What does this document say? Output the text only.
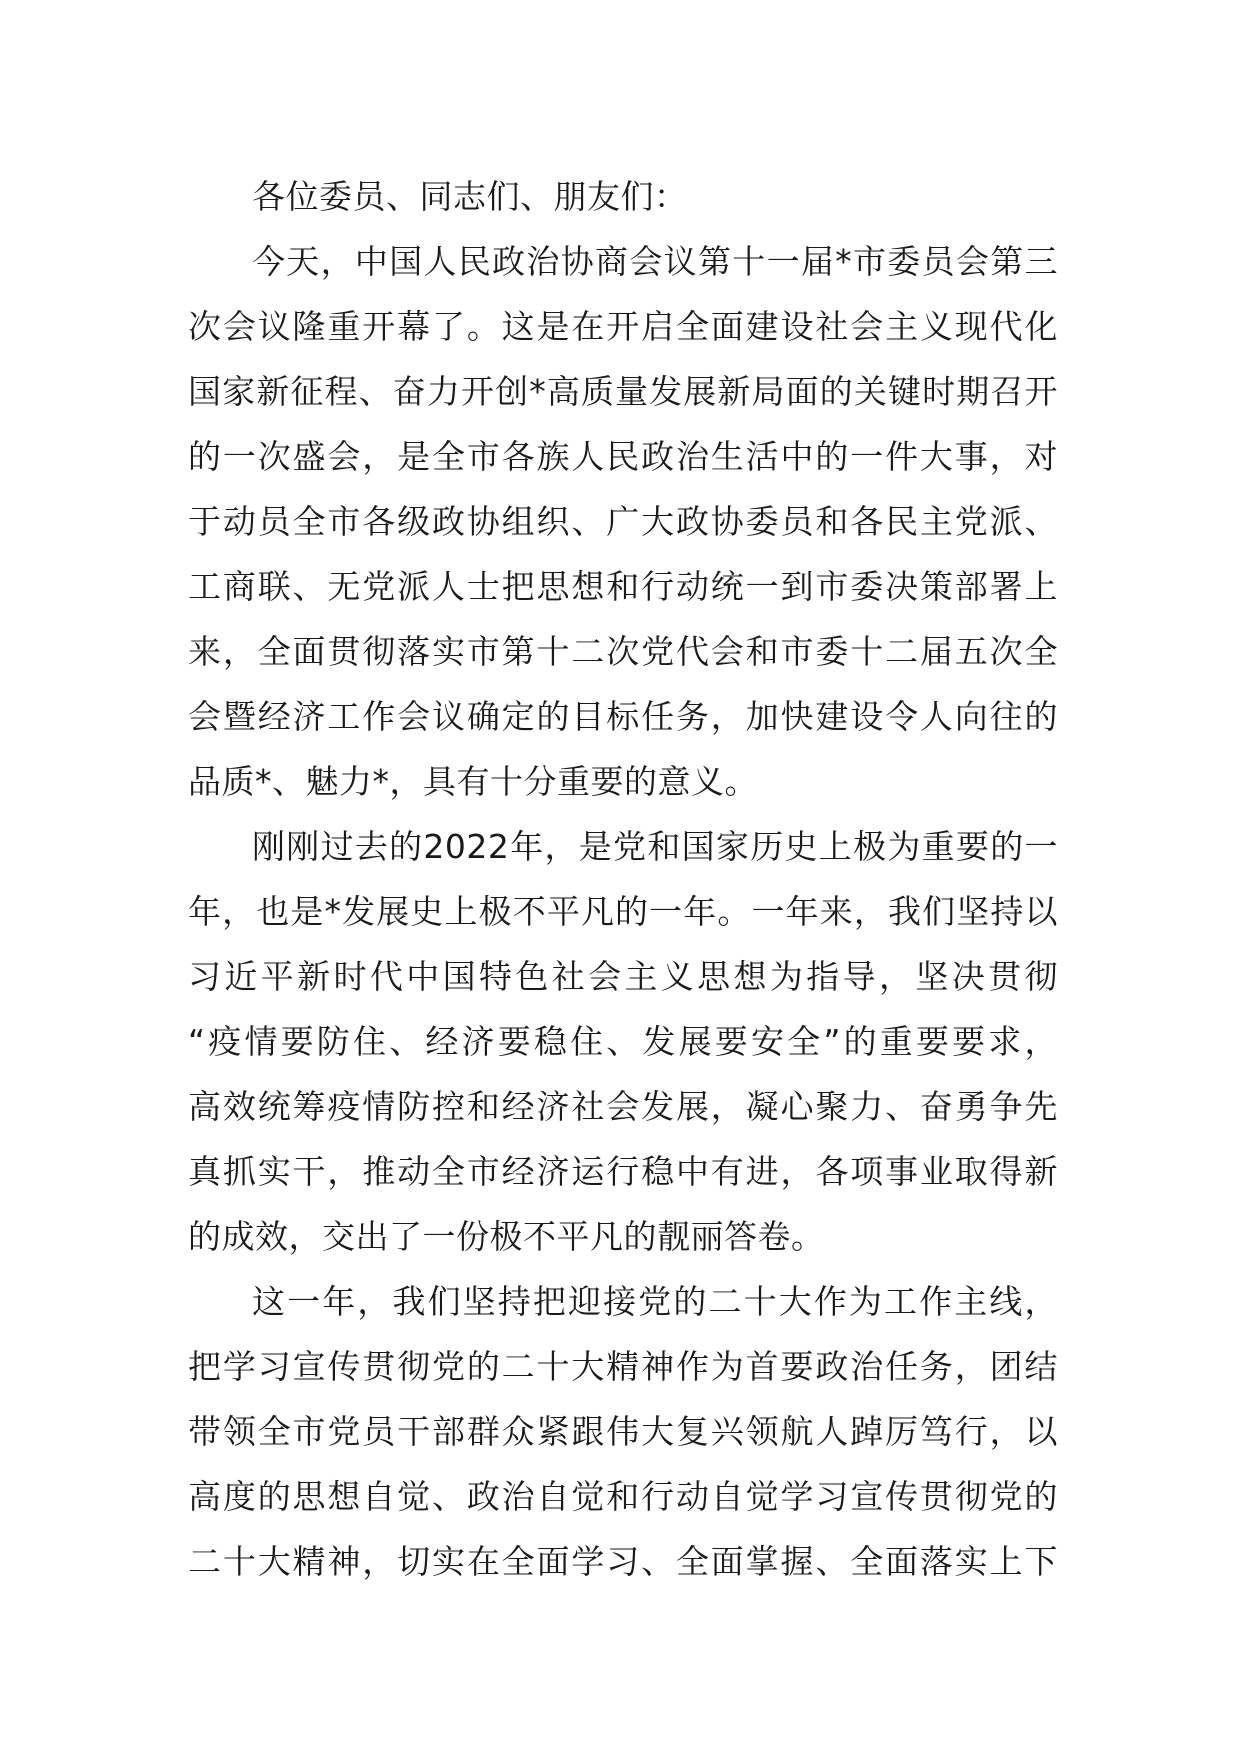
各位委员、同志们、朋友们：
今天，中国人民政治协商会议第十一届*市委员会第三
次会议隆重开幕了。这是在开启全面建设社会主义现代化
国家新征程、奋力开创*高质量发展新局面的关键时期召开
的一次盛会，是全市各族人民政治生活中的一件大事，对
于动员全市各级政协组织、广大政协委员和各民主党派、
工商联、无党派人士把思想和行动统一到市委决策部署上
来，全面贯彻落实市第十二次党代会和市委十二届五次全
会暨经济工作会议确定的目标任务，加快建设令人向往的
品质*、魅力*，具有十分重要的意义。
刚刚过去的2022年，是党和国家历史上极为重要的一
年，也是*发展史上极不平凡的一年。一年来，我们坚持以
习近平新时代中国特色社会主义思想为指导，坚决贯彻
“疫情要防住、经济要稳住、发展要安全”的重要要求，
高效统筹疫情防控和经济社会发展，凝心聚力、奋勇争先
真抓实干，推动全市经济运行稳中有进，各项事业取得新
的成效，交出了一份极不平凡的靓丽答卷。
这一年，我们坚持把迎接党的二十大作为工作主线，
把学习宣传贯彻党的二十大精神作为首要政治任务，团结
带领全市党员干部群众紧跟伟大复兴领航人踔厉笃行，以
高度的思想自觉、政治自觉和行动自觉学习宣传贯彻党的
二十大精神，切实在全面学习、全面掌握、全面落实上下
